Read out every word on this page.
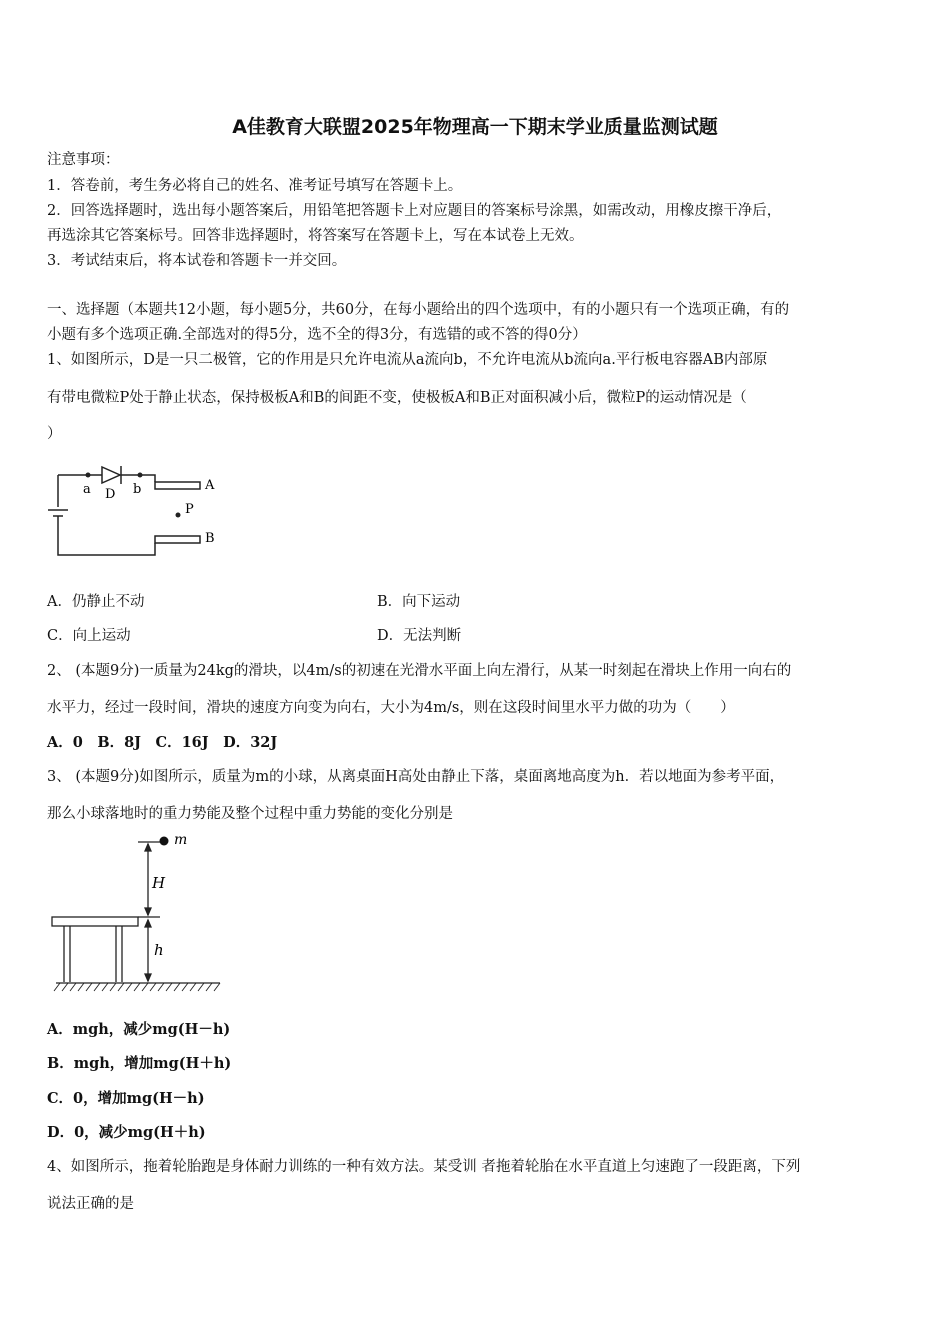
A佳教育大联盟2025年物理高一下期末学业质量监测试题
注意事项：
1．答卷前，考生务必将自己的姓名、准考证号填写在答题卡上。
2．回答选择题时，选出每小题答案后，用铅笔把答题卡上对应题目的答案标号涂黑，如需改动，用橡皮擦干净后，
再选涂其它答案标号。回答非选择题时，将答案写在答题卡上，写在本试卷上无效。
3．考试结束后，将本试卷和答题卡一并交回。
一、选择题（本题共12小题，每小题5分，共60分，在每小题给出的四个选项中，有的小题只有一个选项正确，有的
小题有多个选项正确.全部选对的得5分，选不全的得3分，有选错的或不答的得0分）
1、如图所示，D是一只二极管，它的作用是只允许电流从a流向b，不允许电流从b流向a.平行板电容器AB内部原
有带电微粒P处于静止状态，保持极板A和B的间距不变，使极板A和B正对面积减小后，微粒P的运动情况是（
）
a D b	A
P
B
A．仍静止不动	B．向下运动
C．向上运动	D．无法判断
2、 (本题9分)一质量为24kg的滑块，以4m/s的初速在光滑水平面上向左滑行，从某一时刻起在滑块上作用一向右的
水平力，经过一段时间，滑块的速度方向变为向右，大小为4m/s，则在这段时间里水平力做的功为（　　）
A．0　B．8J　C．16J　D．32J
3、 (本题9分)如图所示，质量为m的小球，从离桌面H高处由静止下落，桌面离地高度为h．若以地面为参考平面，
那么小球落地时的重力势能及整个过程中重力势能的变化分别是
m
H
h
A．mgh，减少mg(H－h)
B．mgh，增加mg(H＋h)
C．0，增加mg(H－h)
D．0，减少mg(H＋h)
4、如图所示，拖着轮胎跑是身体耐力训练的一种有效方法。某受训 者拖着轮胎在水平直道上匀速跑了一段距离，下列
说法正确的是
